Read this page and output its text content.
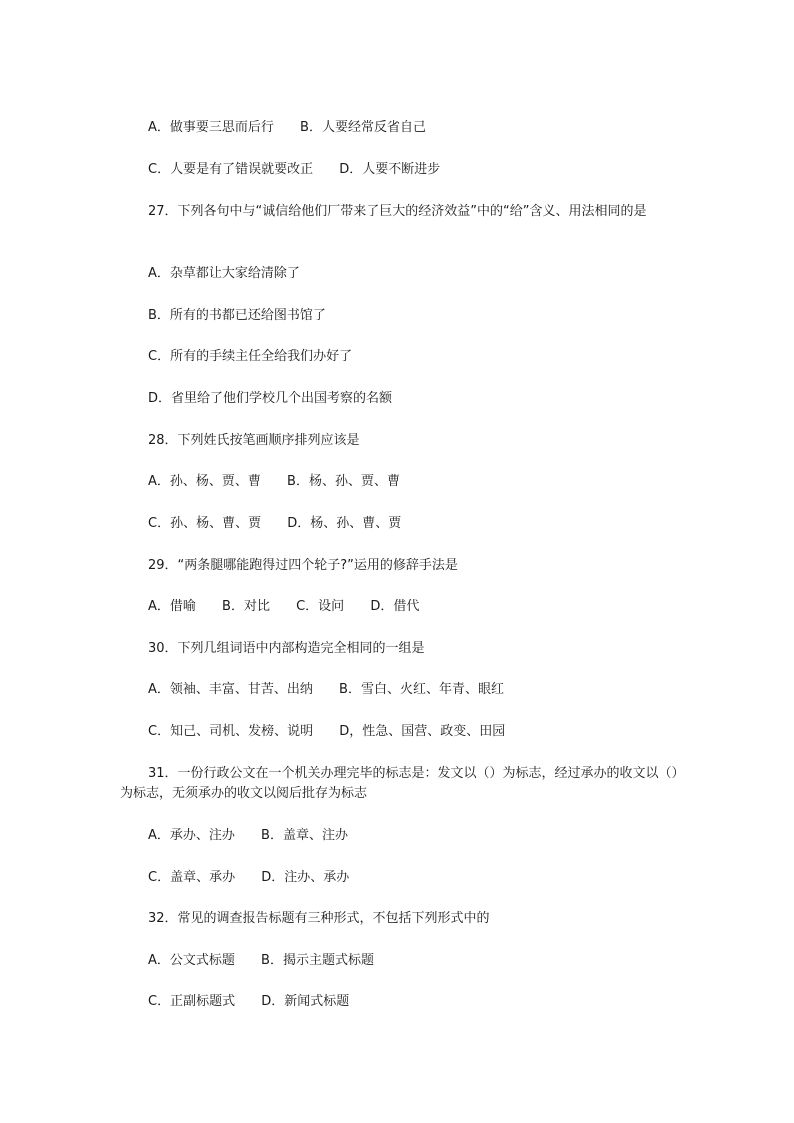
A．做事要三思而后行 B．人要经常反省自己
C．人要是有了错误就要改正 D．人要不断进步
27．下列各句中与“诚信给他们厂带来了巨大的经济效益”中的“给”含义、用法相同的是
A．杂草都让大家给清除了
B．所有的书都已还给图书馆了
C．所有的手续主任全给我们办好了
D．省里给了他们学校几个出国考察的名额
28．下列姓氏按笔画顺序排列应该是
A．孙、杨、贾、曹 B．杨、孙、贾、曹
C．孙、杨、曹、贾 D．杨、孙、曹、贾
29．“两条腿哪能跑得过四个轮子?”运用的修辞手法是
A．借喻 B．对比 C．设问 D．借代
30．下列几组词语中内部构造完全相同的一组是
A．领袖、丰富、甘苦、出纳 B．雪白、火红、年青、眼红
C．知己、司机、发榜、说明 D，性急、国营、政变、田园
31．一份行政公文在一个机关办理完毕的标志是：发文以（）为标志，经过承办的收文以（）为标志，无须承办的收文以阅后批存为标志
A．承办、注办 B．盖章、注办
C．盖章、承办 D．注办、承办
32．常见的调查报告标题有三种形式，不包括下列形式中的
A．公文式标题 B．揭示主题式标题
C．正副标题式 D．新闻式标题
